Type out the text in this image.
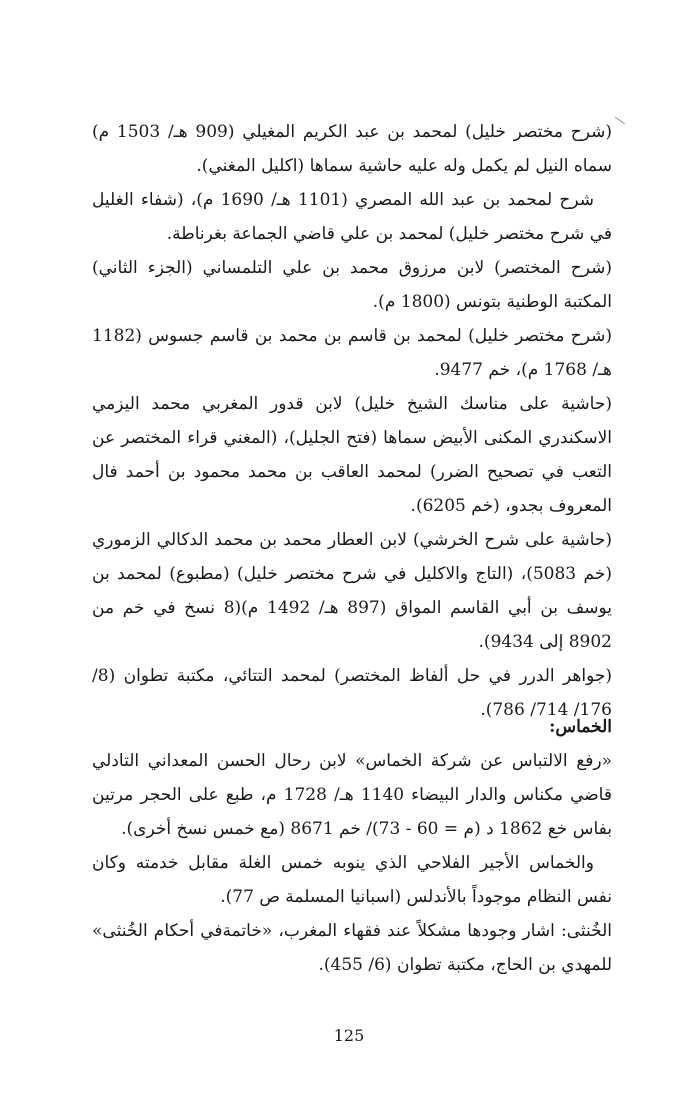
(شرح مختصر خليل) لمحمد بن عبد الكريم المغيلي (909 هـ/ 1503 م) سماه النيل لم يكمل وله عليه حاشية سماها (اكليل المغني).

شرح لمحمد بن عبد الله المصري (1101 هـ/ 1690 م)، (شفاء الغليل في شرح مختصر خليل) لمحمد بن علي قاضي الجماعة بغرناطة.

(شرح المختصر) لابن مرزوق محمد بن علي التلمساني (الجزء الثاني) المكتبة الوطنية بتونس (1800 م).

(شرح مختصر خليل) لمحمد بن قاسم بن محمد بن قاسم جسوس (1182 هـ/ 1768 م)، خم 9477.

(حاشية على مناسك الشيخ خليل) لابن قدور المغربي محمد اليزمي الاسكندري المكنى الأبيض سماها (فتح الجليل)، (المغني قراء المختصر عن التعب في تصحيح الضرر) لمحمد العاقب بن محمد محمود بن أحمد فال المعروف بجدو، (خم 6205).

(حاشية على شرح الخرشي) لابن العطار محمد بن محمد الدكالي الزموري (خم 5083)، (التاج والاكليل في شرح مختصر خليل) (مطبوع) لمحمد بن يوسف بن أبي القاسم المواق (897 هـ/ 1492 م)(8 نسخ في خم من 8902 إلى 9434).

(جواهر الدرر في حل ألفاظ المختصر) لمحمد التتائي، مكتبة تطوان (8/ 176/ 714/ 786).

الخماس:

«رفع الالتباس عن شركة الخماس» لابن رحال الحسن المعداني التادلي قاضي مكناس والدار البيضاء 1140 هـ/ 1728 م، طبع على الحجر مرتين بفاس خع 1862 د (م = 60 - 73)/ خم 8671 (مع خمس نسخ أخرى).

والخماس الأجير الفلاحي الذي ينوبه خمس الغلة مقابل خدمته وكان نفس النظام موجوداً بالأندلس (اسبانيا المسلمة ص 77).

الخُنثى: اشار وجودها مشكلاً عند فقهاء المغرب، «خاتمةفي أحكام الخُنثى» للمهدي بن الحاج، مكتبة تطوان (6/ 455).

125
